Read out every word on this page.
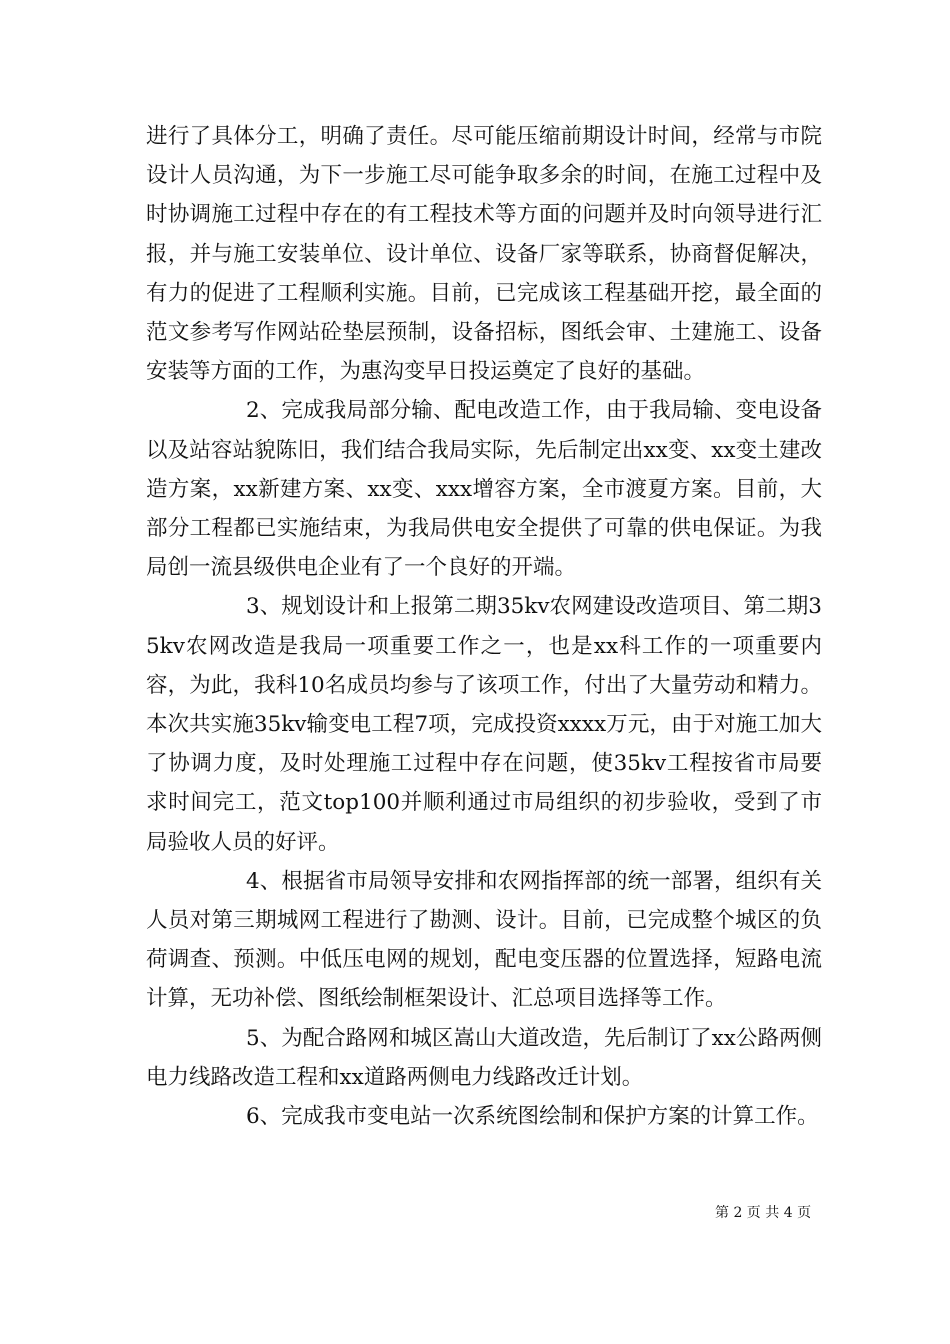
进行了具体分工，明确了责任。尽可能压缩前期设计时间，经常与市院设计人员沟通，为下一步施工尽可能争取多余的时间，在施工过程中及时协调施工过程中存在的有工程技术等方面的问题并及时向领导进行汇报，并与施工安装单位、设计单位、设备厂家等联系，协商督促解决，有力的促进了工程顺利实施。目前，已完成该工程基础开挖，最全面的范文参考写作网站砼垫层预制，设备招标，图纸会审、土建施工、设备安装等方面的工作，为惠沟变早日投运奠定了良好的基础。

2、完成我局部分输、配电改造工作，由于我局输、变电设备以及站容站貌陈旧，我们结合我局实际，先后制定出xx变、xx变土建改造方案，xx新建方案、xx变、xxx增容方案，全市渡夏方案。目前，大部分工程都已实施结束，为我局供电安全提供了可靠的供电保证。为我局创一流县级供电企业有了一个良好的开端。

3、规划设计和上报第二期35kv农网建设改造项目、第二期35kv农网改造是我局一项重要工作之一，也是xx科工作的一项重要内容，为此，我科10名成员均参与了该项工作，付出了大量劳动和精力。本次共实施35kv输变电工程7项，完成投资xxxx万元，由于对施工加大了协调力度，及时处理施工过程中存在问题，使35kv工程按省市局要求时间完工，范文top100并顺利通过市局组织的初步验收，受到了市局验收人员的好评。

4、根据省市局领导安排和农网指挥部的统一部署，组织有关人员对第三期城网工程进行了勘测、设计。目前，已完成整个城区的负荷调查、预测。中低压电网的规划，配电变压器的位置选择，短路电流计算，无功补偿、图纸绘制框架设计、汇总项目选择等工作。

5、为配合路网和城区嵩山大道改造，先后制订了xx公路两侧电力线路改造工程和xx道路两侧电力线路改迁计划。

6、完成我市变电站一次系统图绘制和保护方案的计算工作。

第 2 页 共 4 页
